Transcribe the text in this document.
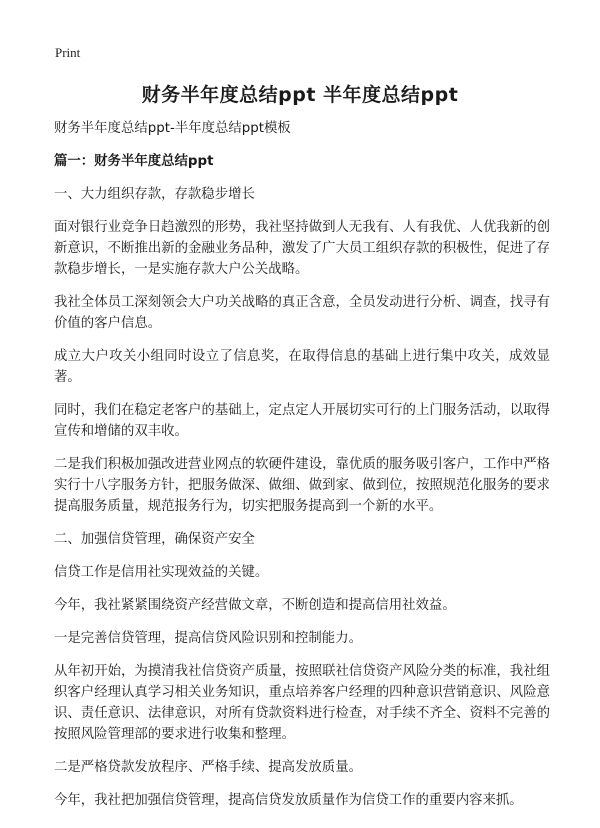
Print
财务半年度总结ppt 半年度总结ppt

财务半年度总结ppt-半年度总结ppt模板

篇一：财务半年度总结ppt

一、大力组织存款，存款稳步增长

面对银行业竞争日趋激烈的形势，我社坚持做到人无我有、人有我优、人优我新的创新意识，不断推出新的金融业务品种，激发了广大员工组织存款的积极性，促进了存款稳步增长，一是实施存款大户公关战略。

我社全体员工深刻领会大户功关战略的真正含意，全员发动进行分析、调查，找寻有价值的客户信息。

成立大户攻关小组同时设立了信息奖，在取得信息的基础上进行集中攻关，成效显著。

同时，我们在稳定老客户的基础上，定点定人开展切实可行的上门服务活动，以取得宣传和增储的双丰收。

二是我们积极加强改进营业网点的软硬件建设，靠优质的服务吸引客户，工作中严格实行十八字服务方针，把服务做深、做细、做到家、做到位，按照规范化服务的要求提高服务质量，规范报务行为，切实把服务提高到一个新的水平。

二、加强信贷管理，确保资产安全

信贷工作是信用社实现效益的关键。

今年，我社紧紧围绕资产经营做文章，不断创造和提高信用社效益。

一是完善信贷管理，提高信贷风险识别和控制能力。

从年初开始，为摸清我社信贷资产质量，按照联社信贷资产风险分类的标准，我社组织客户经理认真学习相关业务知识，重点培养客户经理的四种意识营销意识、风险意识、责任意识、法律意识，对所有贷款资料进行检查，对手续不齐全、资料不完善的按照风险管理部的要求进行收集和整理。

二是严格贷款发放程序、严格手续、提高发放质量。

今年，我社把加强信贷管理，提高信贷发放质量作为信贷工作的重要内容来抓。
